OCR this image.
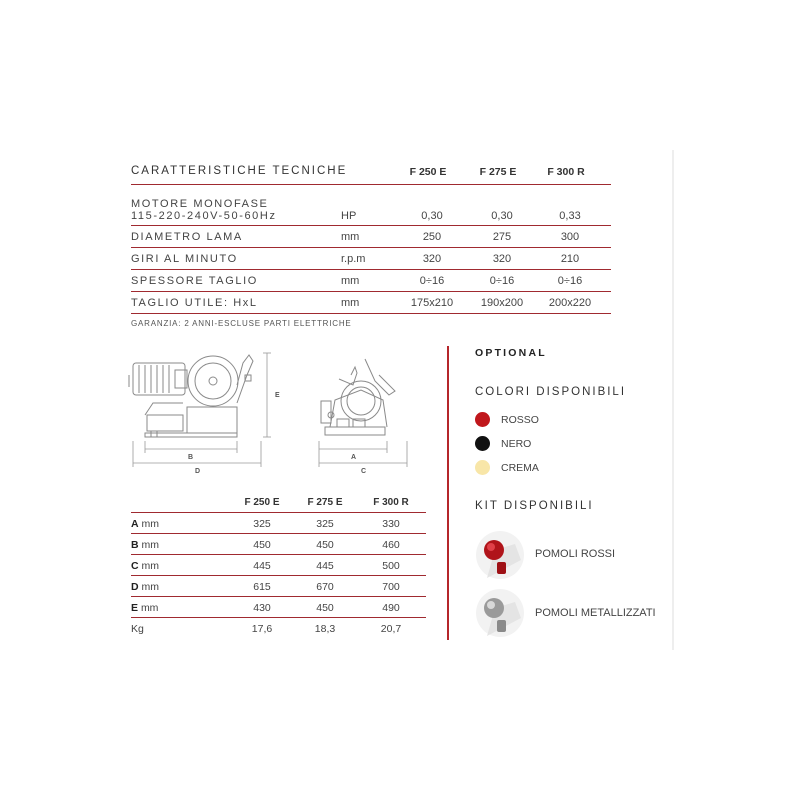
CARATTERISTICHE TECNICHE	F 250 E	F 275 E	F 300 R
MOTORE MONOFASE
115-220-240V-50-60Hz	HP	0,30	0,30	0,33
DIAMETRO LAMA	mm	250	275	300
GIRI AL MINUTO	r.p.m	320	320	210
SPESSORE TAGLIO	mm	0÷16	0÷16	0÷16
TAGLIO UTILE: HxL	mm	175x210	190x200	200x220
GARANZIA: 2 ANNI-ESCLUSE PARTI ELETTRICHE
E
B
D
A
C
F 250 E	F 275 E	F 300 R
A mm	325	325	330
B mm	450	450	460
C mm	445	445	500
D mm	615	670	700
E mm	430	450	490
Kg	17,6	18,3	20,7
OPTIONAL
COLORI DISPONIBILI
ROSSO
NERO
CREMA
KIT DISPONIBILI
POMOLI ROSSI
POMOLI METALLIZZATI
